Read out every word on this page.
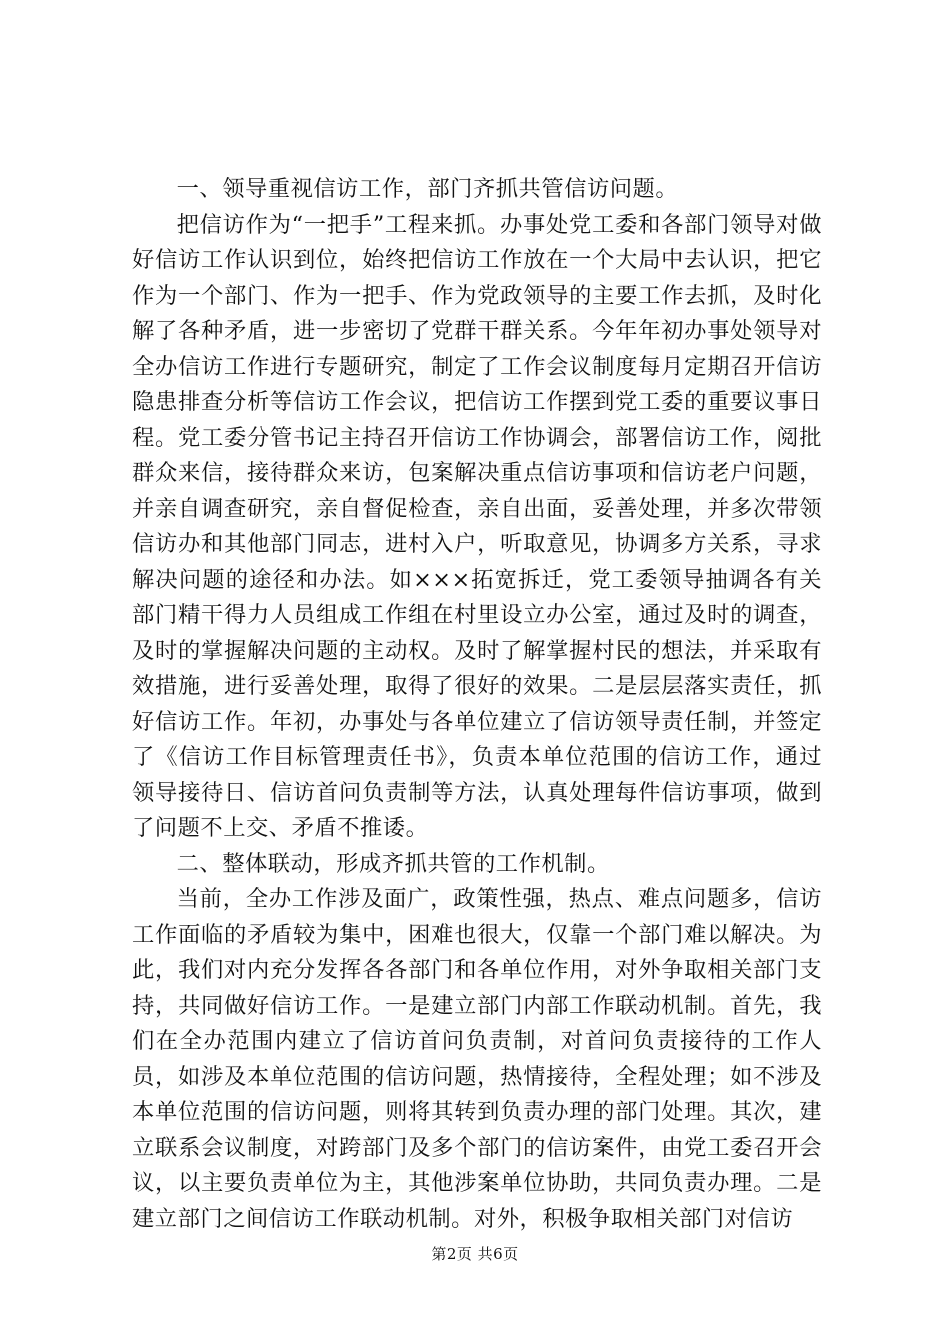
一、领导重视信访工作，部门齐抓共管信访问题。

把信访作为“一把手”工程来抓。办事处党工委和各部门领导对做好信访工作认识到位，始终把信访工作放在一个大局中去认识，把它作为一个部门、作为一把手、作为党政领导的主要工作去抓，及时化解了各种矛盾，进一步密切了党群干群关系。今年年初办事处领导对全办信访工作进行专题研究，制定了工作会议制度每月定期召开信访隐患排查分析等信访工作会议，把信访工作摆到党工委的重要议事日程。党工委分管书记主持召开信访工作协调会，部署信访工作，阅批群众来信，接待群众来访，包案解决重点信访事项和信访老户问题，并亲自调查研究，亲自督促检查，亲自出面，妥善处理，并多次带领信访办和其他部门同志，进村入户，听取意见，协调多方关系，寻求解决问题的途径和办法。如×××拓宽拆迁，党工委领导抽调各有关部门精干得力人员组成工作组在村里设立办公室，通过及时的调查，及时的掌握解决问题的主动权。及时了解掌握村民的想法，并采取有效措施，进行妥善处理，取得了很好的效果。二是层层落实责任，抓好信访工作。年初，办事处与各单位建立了信访领导责任制，并签定了《信访工作目标管理责任书》，负责本单位范围的信访工作，通过领导接待日、信访首问负责制等方法，认真处理每件信访事项，做到了问题不上交、矛盾不推诿。

二、整体联动，形成齐抓共管的工作机制。

当前，全办工作涉及面广，政策性强，热点、难点问题多，信访工作面临的矛盾较为集中，困难也很大，仅靠一个部门难以解决。为此，我们对内充分发挥各各部门和各单位作用，对外争取相关部门支持，共同做好信访工作。一是建立部门内部工作联动机制。首先，我们在全办范围内建立了信访首问负责制，对首问负责接待的工作人员，如涉及本单位范围的信访问题，热情接待，全程处理；如不涉及本单位范围的信访问题，则将其转到负责办理的部门处理。其次，建立联系会议制度，对跨部门及多个部门的信访案件，由党工委召开会议，以主要负责单位为主，其他涉案单位协助，共同负责办理。二是建立部门之间信访工作联动机制。对外，积极争取相关部门对信访

第2页 共6页
